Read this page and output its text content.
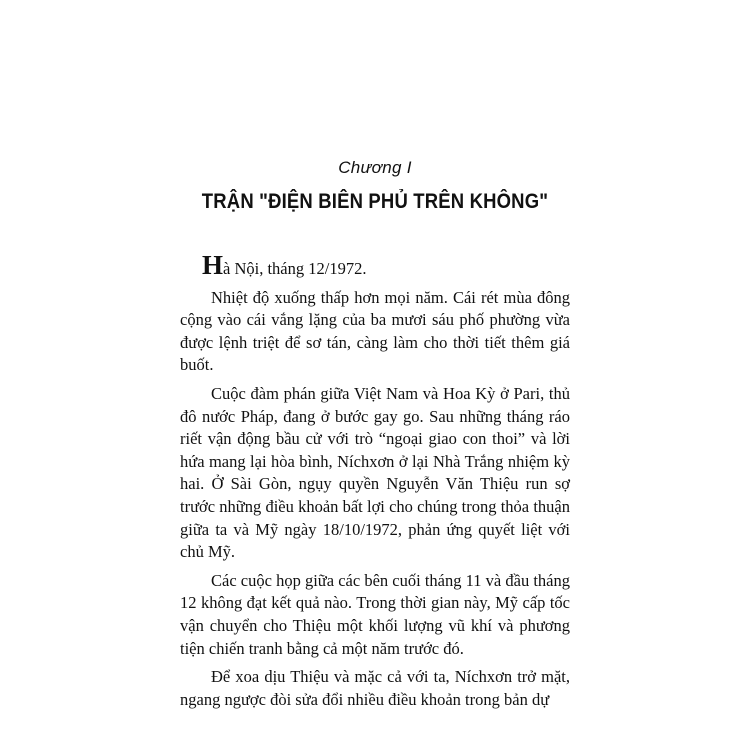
Chương I
TRẬN "ĐIỆN BIÊN PHỦ TRÊN KHÔNG"

Hà Nội, tháng 12/1972.

Nhiệt độ xuống thấp hơn mọi năm. Cái rét mùa đông cộng vào cái vắng lặng của ba mươi sáu phố phường vừa được lệnh triệt để sơ tán, càng làm cho thời tiết thêm giá buốt.

Cuộc đàm phán giữa Việt Nam và Hoa Kỳ ở Pari, thủ đô nước Pháp, đang ở bước gay go. Sau những tháng ráo riết vận động bầu cử với trò “ngoại giao con thoi” và lời hứa mang lại hòa bình, Níchxơn ở lại Nhà Trắng nhiệm kỳ hai. Ở Sài Gòn, ngụy quyền Nguyễn Văn Thiệu run sợ trước những điều khoản bất lợi cho chúng trong thỏa thuận giữa ta và Mỹ ngày 18/10/1972, phản ứng quyết liệt với chủ Mỹ.

Các cuộc họp giữa các bên cuối tháng 11 và đầu tháng 12 không đạt kết quả nào. Trong thời gian này, Mỹ cấp tốc vận chuyển cho Thiệu một khối lượng vũ khí và phương tiện chiến tranh bằng cả một năm trước đó.

Để xoa dịu Thiệu và mặc cả với ta, Níchxơn trở mặt, ngang ngược đòi sửa đổi nhiều điều khoản trong bản dự
